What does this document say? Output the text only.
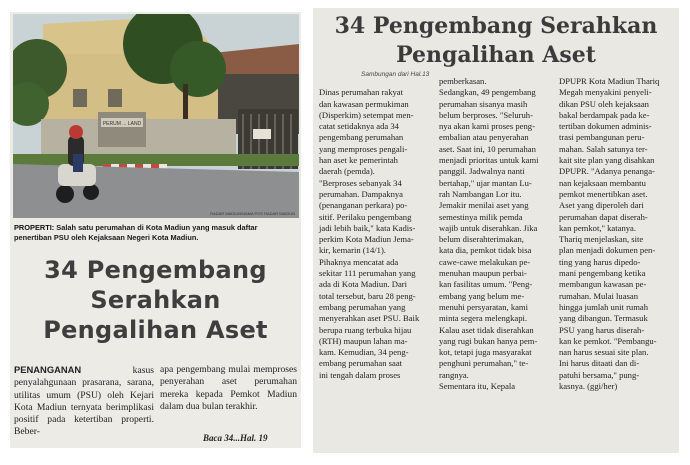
PERUM ... LAND
RADAR MADIUN/NAMA POS RADAR MADIUN
PROPERTI: Salah satu perumahan di Kota Madiun yang masuk daftar penertiban PSU oleh Kejaksaan Negeri Kota Madiun.
34 Pengembang
Serahkan
Pengalihan Aset
PENANGANAN kasus penyalahgunaan prasarana, sarana, utilitas umum (PSU) oleh Kejari Kota Madiun ternyata berimplikasi positif pada ketertiban properti. Beber-
apa pengembang mulai memproses penyerahan aset perumahan mereka kepada Pemkot Madiun dalam dua bulan terakhir.
Baca 34...Hal. 19
34 Pengembang Serahkan
Pengalihan Aset
Sambungan dari Hal.13

Dinas perumahan rakyat

dan kawasan permukiman

(Disperkim) setempat men-

catat setidaknya ada 34

pengembang perumahan

yang memproses pengali-

han aset ke pemerintah

daerah (pemda).

"Berproses sebanyak 34

perumahan. Dampaknya

(penanganan perkara) po-

sitif. Perilaku pengembang

jadi lebih baik," kata Kadis-

perkim Kota Madiun Jema-

kir, kemarin (14/1).

Pihaknya mencatat ada

sekitar 111 perumahan yang

ada di Kota Madiun. Dari

total tersebut, baru 28 peng-

embang perumahan yang

menyerahkan aset PSU. Baik

berupa ruang terbuka hijau

(RTH) maupun lahan ma-

kam. Kemudian, 34 peng-

embang perumahan saat

ini tengah dalam proses

pemberkasan.

Sedangkan, 49 pengembang

perumahan sisanya masih

belum berproses. "Seluruh-

nya akan kami proses peng-

embalian atau penyerahan

aset. Saat ini, 10 perumahan

menjadi prioritas untuk kami

panggil. Jadwalnya nanti

bertahap," ujar mantan Lu-

rah Nambangan Lor itu.

Jemakir menilai aset yang

semestinya milik pemda

wajib untuk diserahkan. Jika

belum diserahterimakan,

kata dia, pemkot tidak bisa

cawe-cawe melakukan pe-

menuhan maupun perbai-

kan fasilitas umum. "Peng-

embang yang belum me-

menuhi persyaratan, kami

minta segera melengkapi.

Kalau aset tidak diserahkan

yang rugi bukan hanya pem-

kot, tetapi juga masyarakat

penghuni perumahan," te-

rangnya.

Sementara itu, Kepala

DPUPR Kota Madiun Thariq

Megah menyakini penyeli-

dikan PSU oleh kejaksaan

bakal berdampak pada ke-

tertiban dokumen adminis-

trasi pembangunan peru-

mahan. Salah satunya ter-

kait site plan yang disahkan

DPUPR. "Adanya penanga-

nan kejaksaan membantu

pemkot menertibkan aset.

Aset yang diperoleh dari

perumahan dapat diserah-

kan pemkot," katanya.

Thariq menjelaskan, site

plan menjadi dokumen pen-

ting yang harus dipedo-

mani pengembang ketika

membangun kawasan pe-

rumahan. Mulai luasan

hingga jumlah unit rumah

yang dibangun. Termasuk

PSU yang harus diserah-

kan ke pemkot. "Pembangu-

nan harus sesuai site plan.

Ini harus ditaati dan di-

patuhi bersama," pung-

kasnya. (ggi/her)
